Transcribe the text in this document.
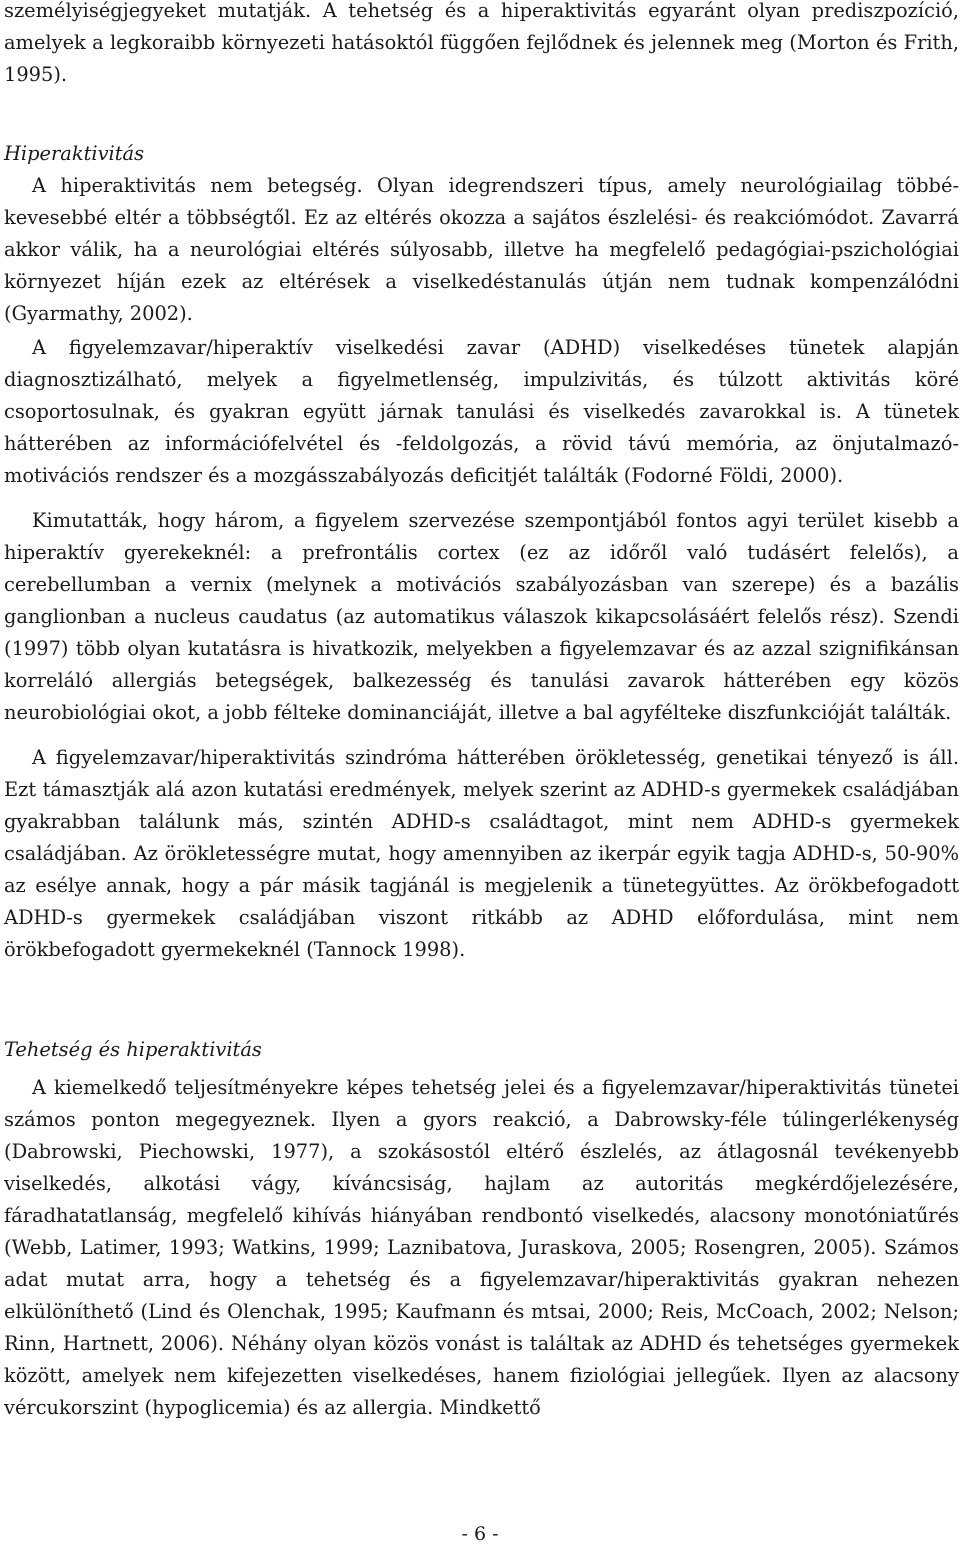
személyiségjegyeket mutatják. A tehetség és a hiperaktivitás egyaránt olyan prediszpozíció, amelyek a legkoraibb környezeti hatásoktól függően fejlődnek és jelennek meg (Morton és Frith, 1995).

Hiperaktivitás

A hiperaktivitás nem betegség. Olyan idegrendszeri típus, amely neurológiailag többé-kevesebbé eltér a többségtől. Ez az eltérés okozza a sajátos észlelési- és reakciómódot. Zavarrá akkor válik, ha a neurológiai eltérés súlyosabb, illetve ha megfelelő pedagógiai-pszichológiai környezet híján ezek az eltérések a viselkedéstanulás útján nem tudnak kompenzálódni (Gyarmathy, 2002).

A figyelemzavar/hiperaktív viselkedési zavar (ADHD) viselkedéses tünetek alapján diagnosztizálható, melyek a figyelmetlenség, impulzivitás, és túlzott aktivitás köré csoportosulnak, és gyakran együtt járnak tanulási és viselkedés zavarokkal is. A tünetek hátterében az információfelvétel és -feldolgozás, a rövid távú memória, az önjutalmazó-motivációs rendszer és a mozgásszabályozás deficitjét találták (Fodorné Földi, 2000).

Kimutatták, hogy három, a figyelem szervezése szempontjából fontos agyi terület kisebb a hiperaktív gyerekeknél: a prefrontális cortex (ez az időről való tudásért felelős), a cerebellumban a vernix (melynek a motivációs szabályozásban van szerepe) és a bazális ganglionban a nucleus caudatus (az automatikus válaszok kikapcsolásáért felelős rész). Szendi (1997) több olyan kutatásra is hivatkozik, melyekben a figyelemzavar és az azzal szignifikánsan korreláló allergiás betegségek, balkezesség és tanulási zavarok hátterében egy közös neurobiológiai okot, a jobb félteke dominanciáját, illetve a bal agyfélteke diszfunkcióját találták.

A figyelemzavar/hiperaktivitás szindróma hátterében örökletesség, genetikai tényező is áll. Ezt támasztják alá azon kutatási eredmények, melyek szerint az ADHD-s gyermekek családjában gyakrabban találunk más, szintén ADHD-s családtagot, mint nem ADHD-s gyermekek családjában. Az örökletességre mutat, hogy amennyiben az ikerpár egyik tagja ADHD-s, 50-90% az esélye annak, hogy a pár másik tagjánál is megjelenik a tünetegyüttes. Az örökbefogadott ADHD-s gyermekek családjában viszont ritkább az ADHD előfordulása, mint nem örökbefogadott gyermekeknél (Tannock 1998).

Tehetség és hiperaktivitás

A kiemelkedő teljesítményekre képes tehetség jelei és a figyelemzavar/hiperaktivitás tünetei számos ponton megegyeznek. Ilyen a gyors reakció, a Dabrowsky-féle túlingerlékenység (Dabrowski, Piechowski, 1977), a szokásostól eltérő észlelés, az átlagosnál tevékenyebb viselkedés, alkotási vágy, kíváncsiság, hajlam az autoritás megkérdőjelezésére, fáradhatatlanság, megfelelő kihívás hiányában rendbontó viselkedés, alacsony monotóniatűrés (Webb, Latimer, 1993; Watkins, 1999; Laznibatova, Juraskova, 2005; Rosengren, 2005). Számos adat mutat arra, hogy a tehetség és a figyelemzavar/hiperaktivitás gyakran nehezen elkülöníthető (Lind és Olenchak, 1995; Kaufmann és mtsai, 2000; Reis, McCoach, 2002; Nelson; Rinn, Hartnett, 2006). Néhány olyan közös vonást is találtak az ADHD és tehetséges gyermekek között, amelyek nem kifejezetten viselkedéses, hanem fiziológiai jellegűek. Ilyen az alacsony vércukorszint (hypoglicemia) és az allergia. Mindkettő

- 6 -
